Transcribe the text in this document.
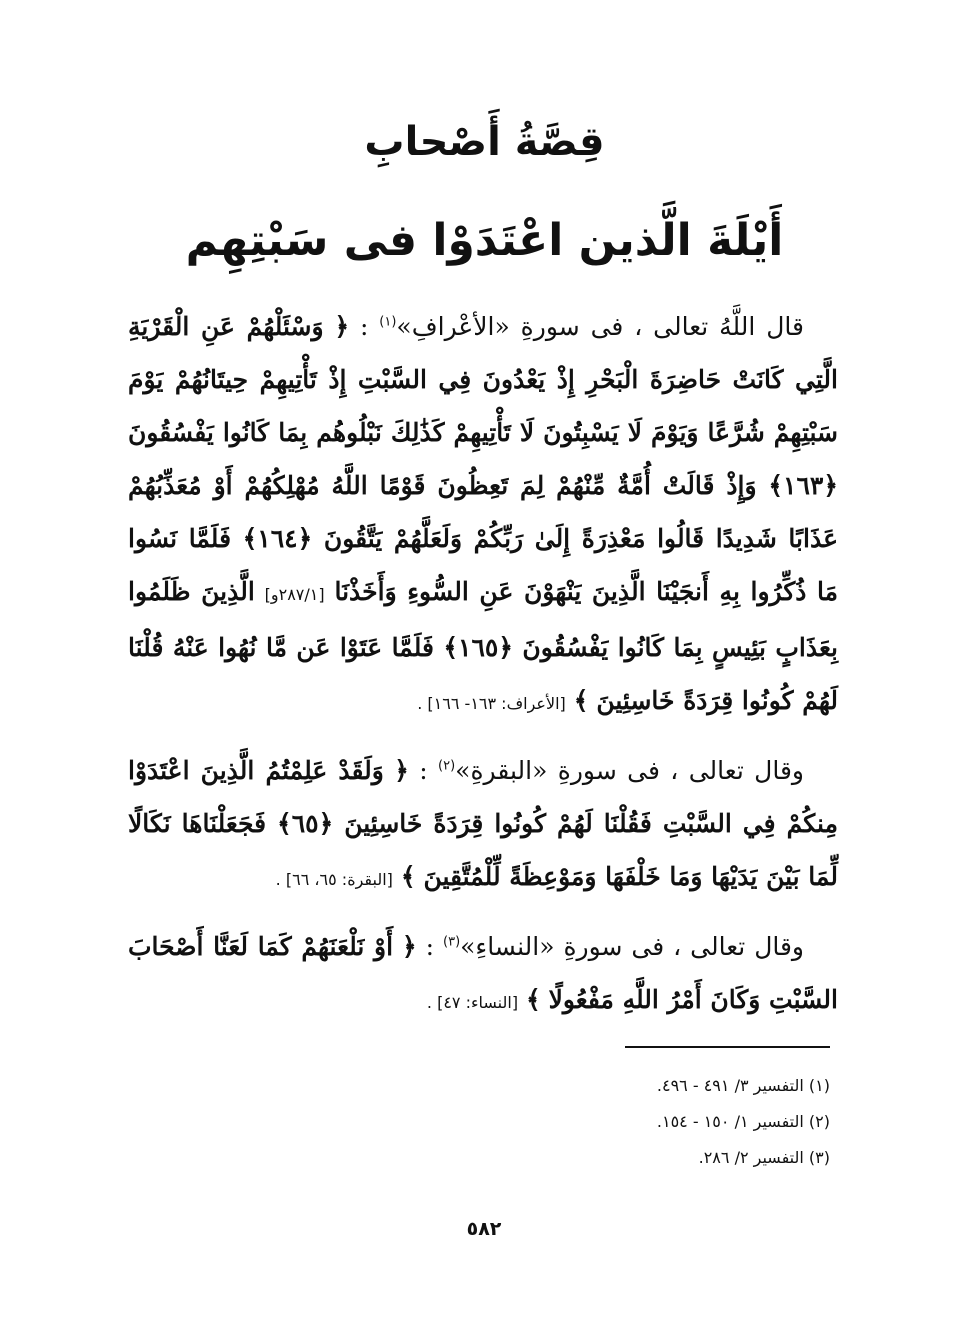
قِصَّةُ أَصْحابِ
أَيْلَةَ الَّذين اعْتَدَوْا فى سَبْتِهِم

قال اللَّهُ تعالى ، فى سورةِ «الأعْرافِ»$^{(١)}$ : ﴿ وَسْئَلْهُمْ عَنِ الْقَرْيَةِ الَّتِي كَانَتْ حَاضِرَةَ الْبَحْرِ إِذْ يَعْدُونَ فِي السَّبْتِ إِذْ تَأْتِيهِمْ حِيتَانُهُمْ يَوْمَ سَبْتِهِمْ شُرَّعًا وَيَوْمَ لَا يَسْبِتُونَ لَا تَأْتِيهِمْ كَذَٰلِكَ نَبْلُوهُم بِمَا كَانُوا يَفْسُقُونَ ﴿١٦٣﴾ وَإِذْ قَالَتْ أُمَّةٌ مِّنْهُمْ لِمَ تَعِظُونَ قَوْمًا اللَّهُ مُهْلِكُهُمْ أَوْ مُعَذِّبُهُمْ عَذَابًا شَدِيدًا قَالُوا مَعْذِرَةً إِلَىٰ رَبِّكُمْ وَلَعَلَّهُمْ يَتَّقُونَ ﴿١٦٤﴾ فَلَمَّا نَسُوا مَا ذُكِّرُوا بِهِ أَنجَيْنَا الَّذِينَ يَنْهَوْنَ عَنِ السُّوءِ وَأَخَذْنَا [٢٨٧/١و] الَّذِينَ ظَلَمُوا بِعَذَابٍ بَئِيسٍ بِمَا كَانُوا يَفْسُقُونَ ﴿١٦٥﴾ فَلَمَّا عَتَوْا عَن مَّا نُهُوا عَنْهُ قُلْنَا لَهُمْ كُونُوا قِرَدَةً خَاسِئِينَ ﴾ [الأعراف: ١٦٣- ١٦٦] .

وقال تعالى ، فى سورةِ «البقرةِ»$^{(٢)}$ : ﴿ وَلَقَدْ عَلِمْتُمُ الَّذِينَ اعْتَدَوْا مِنكُمْ فِي السَّبْتِ فَقُلْنَا لَهُمْ كُونُوا قِرَدَةً خَاسِئِينَ ﴿٦٥﴾ فَجَعَلْنَاهَا نَكَالًا لِّمَا بَيْنَ يَدَيْهَا وَمَا خَلْفَهَا وَمَوْعِظَةً لِّلْمُتَّقِينَ ﴾ [البقرة: ٦٥، ٦٦] .

وقال تعالى ، فى سورةِ «النساءِ»$^{(٣)}$ : ﴿ أَوْ نَلْعَنَهُمْ كَمَا لَعَنَّا أَصْحَابَ السَّبْتِ وَكَانَ أَمْرُ اللَّهِ مَفْعُولًا ﴾ [النساء: ٤٧] .

(١) التفسير ٣/ ٤٩١ - ٤٩٦.
(٢) التفسير ١/ ١٥٠ - ١٥٤.
(٣) التفسير ٢/ ٢٨٦.
٥٨٢
